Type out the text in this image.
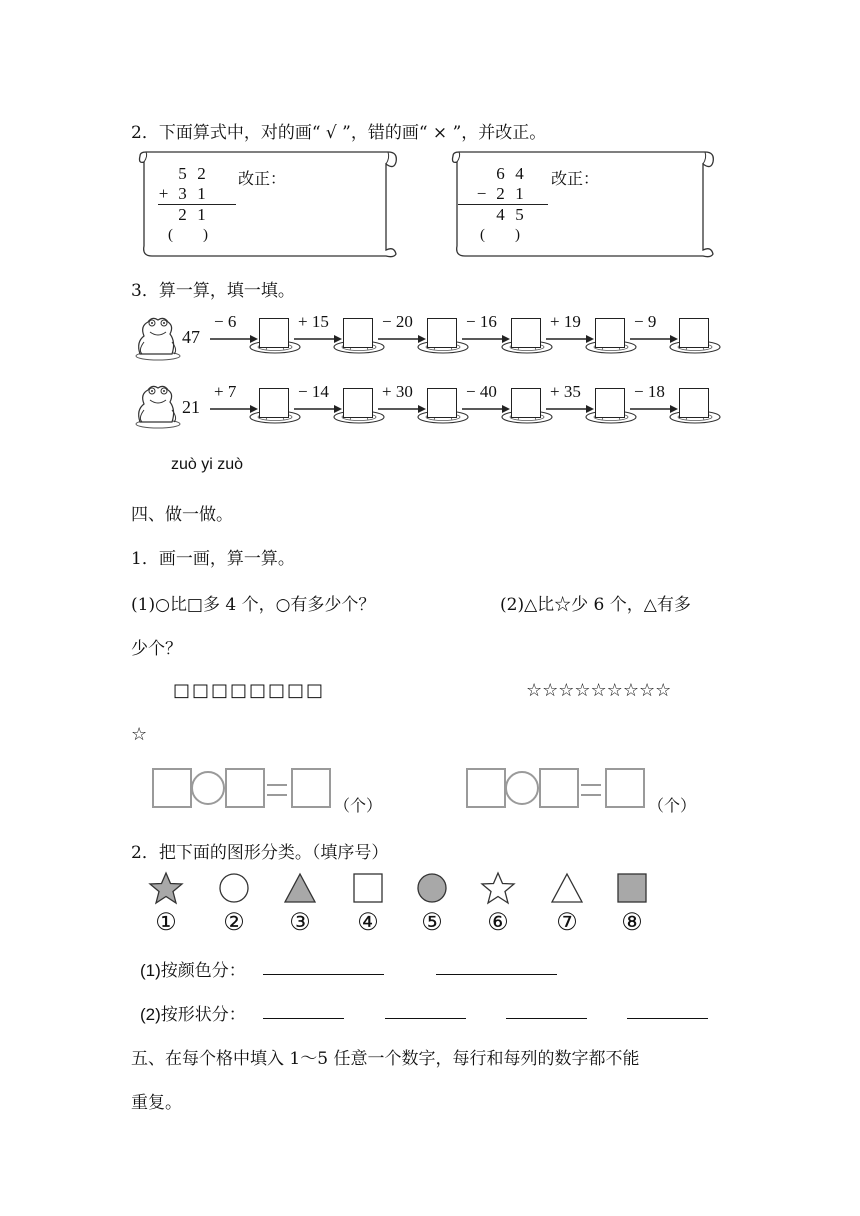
2．下面算式中，对的画“ √ ”，错的画“ × ”，并改正。
5 2
+ 3 1
2 1
(　　)
改正：	6 4
− 2 1
4 5
(　　)
改正：
3．算一算，填一填。
47
− 6	+ 15	− 20	− 16	+ 19	− 9
21
+ 7	− 14	+ 30	− 40	+ 35	− 18
zuò yi zuò
四、做一做。
1．画一画，算一算。
(1)○比□多 4 个，○有多少个？	(2)△比☆少 6 个，△有多
少个？
□□□□□□□□	☆☆☆☆☆☆☆☆☆
☆
（个）	（个）
2．把下面的图形分类。（填序号）
①	②	③	④	⑤	⑥	⑦	⑧
(1)按颜色分：
(2)按形状分：
五、在每个格中填入 1～5 任意一个数字，每行和每列的数字都不能
重复。
